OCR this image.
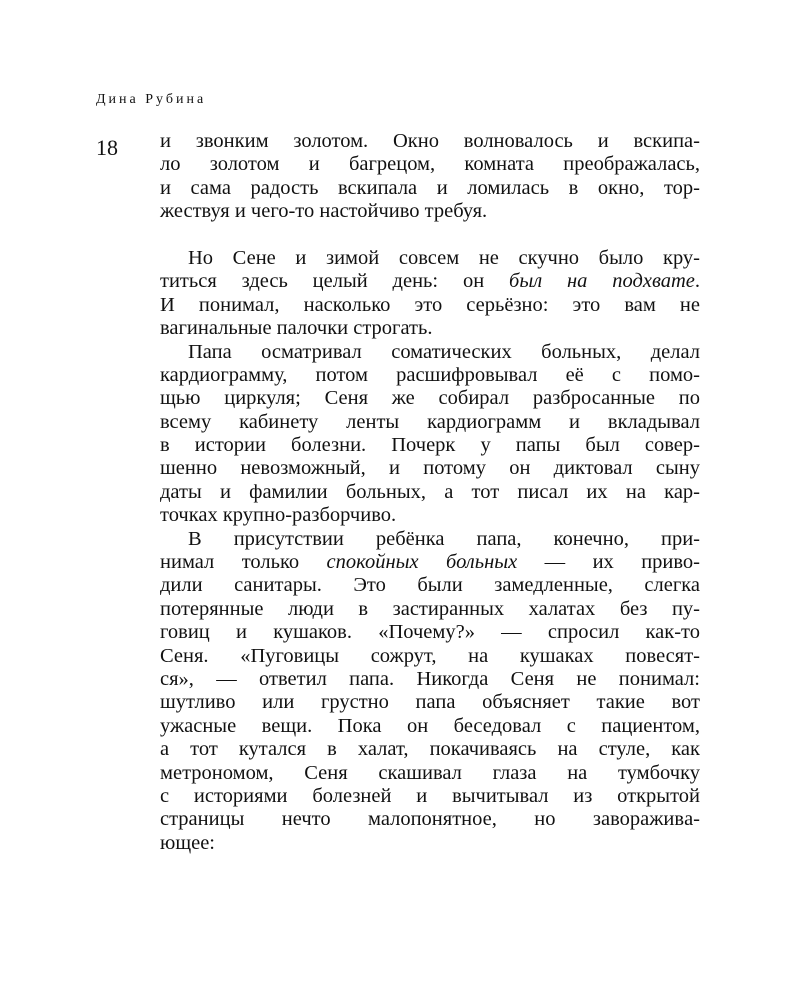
Дина Рубина
18 и звонким золотом. Окно волновалось и вскипа-
ло золотом и багрецом, комната преображалась,
и сама радость вскипала и ломилась в окно, тор-
жествуя и чего-то настойчиво требуя.
Но Сене и зимой совсем не скучно было кру-
титься здесь целый день: он был на подхвате.
И понимал, насколько это серьёзно: это вам не
вагинальные палочки строгать.
Папа осматривал соматических больных, делал
кардиограмму, потом расшифровывал её с помо-
щью циркуля; Сеня же собирал разбросанные по
всему кабинету ленты кардиограмм и вкладывал
в истории болезни. Почерк у папы был совер-
шенно невозможный, и потому он диктовал сыну
даты и фамилии больных, а тот писал их на кар-
точках крупно-разборчиво.
В присутствии ребёнка папа, конечно, при-
нимал только спокойных больных — их приво-
дили санитары. Это были замедленные, слегка
потерянные люди в застиранных халатах без пу-
говиц и кушаков. «Почему?» — спросил как-то
Сеня. «Пуговицы сожрут, на кушаках повесят-
ся», — ответил папа. Никогда Сеня не понимал:
шутливо или грустно папа объясняет такие вот
ужасные вещи. Пока он беседовал с пациентом,
а тот кутался в халат, покачиваясь на стуле, как
метрономом, Сеня скашивал глаза на тумбочку
с историями болезней и вычитывал из открытой
страницы нечто малопонятное, но завораживa-
ющее:
